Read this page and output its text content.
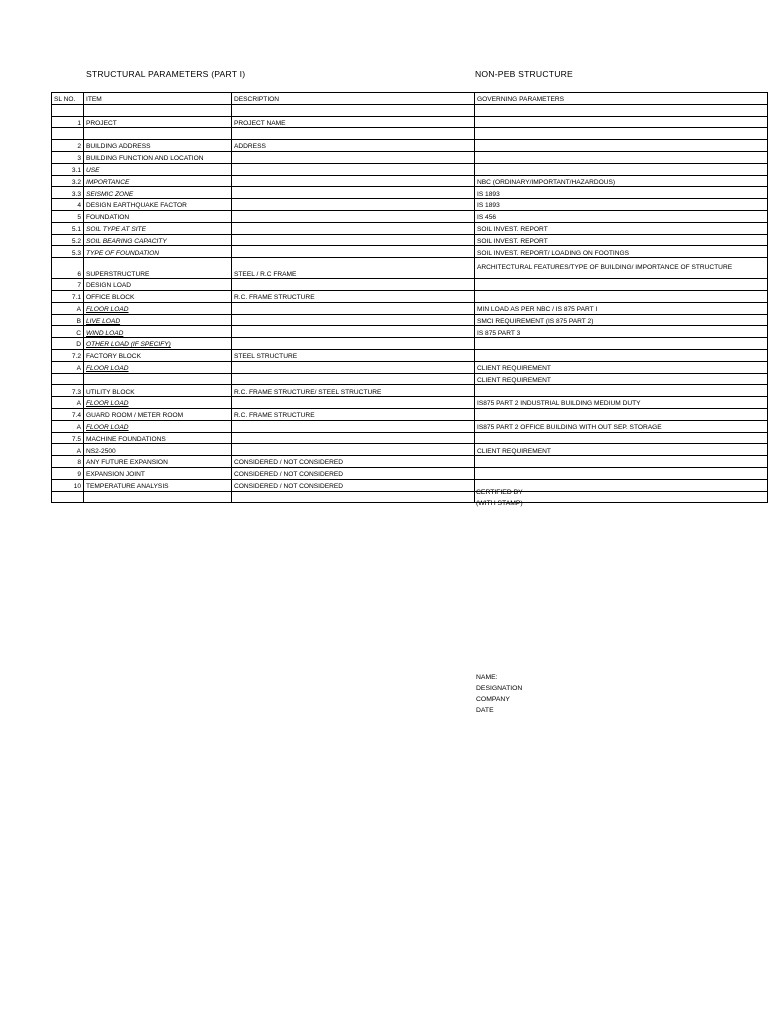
STRUCTURAL PARAMETERS (PART I)	NON-PEB STRUCTURE
SL NO.	ITEM	DESCRIPTION	GOVERNING PARAMETERS

1	PROJECT	PROJECT NAME	

2	BUILDING ADDRESS	ADDRESS	
3	BUILDING FUNCTION AND LOCATION		
3.1	USE		
3.2	IMPORTANCE		NBC (ORDINARY/IMPORTANT/HAZARDOUS)
3.3	SEISMIC ZONE		IS 1893
4	DESIGN EARTHQUAKE FACTOR		IS 1893
5	FOUNDATION		IS 456
5.1	SOIL TYPE AT SITE		SOIL INVEST. REPORT
5.2	SOIL BEARING CAPACITY		SOIL INVEST. REPORT
5.3	TYPE OF FOUNDATION		SOIL INVEST. REPORT/ LOADING ON FOOTINGS
6	SUPERSTRUCTURE	STEEL / R.C FRAME	ARCHITECTURAL FEATURES/TYPE OF BUILDING/ IMPORTANCE OF STRUCTURE
7	DESIGN LOAD		
7.1	OFFICE BLOCK	R.C. FRAME STRUCTURE	
A	FLOOR LOAD		MIN LOAD AS PER NBC / IS 875 PART I
B	LIVE LOAD		SMCI REQUIREMENT (IS 875 PART 2)
C	WIND LOAD		IS 875 PART 3
D	OTHER LOAD (IF SPECIFY)		
7.2	FACTORY BLOCK	STEEL STRUCTURE	
A	FLOOR LOAD		CLIENT REQUIREMENT
			CLIENT REQUIREMENT
7.3	UTILITY BLOCK	R.C. FRAME STRUCTURE/ STEEL STRUCTURE	
A	FLOOR LOAD		IS875 PART 2 INDUSTRIAL BUILDING MEDIUM DUTY
7.4	GUARD ROOM / METER ROOM	R.C. FRAME STRUCTURE	
A	FLOOR LOAD		IS875 PART 2 OFFICE BUILDING WITH OUT SEP. STORAGE
7.5	MACHINE FOUNDATIONS		
A	NS2-2500		CLIENT REQUIREMENT
8	ANY FUTURE EXPANSION	CONSIDERED / NOT CONSIDERED	
9	EXPANSION JOINT	CONSIDERED / NOT CONSIDERED	
10	TEMPERATURE ANALYSIS	CONSIDERED / NOT CONSIDERED	

CERTIFIED BY
(WITH STAMP)
NAME:
DESIGNATION
COMPANY
DATE
